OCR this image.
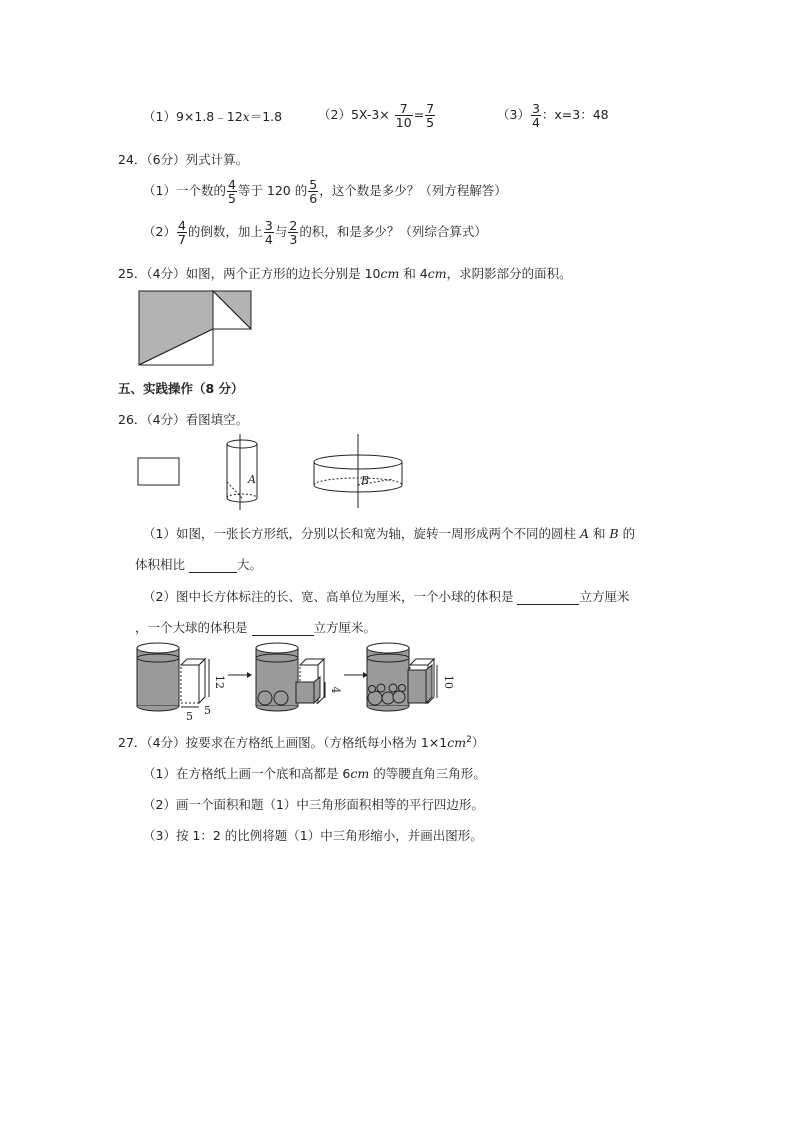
（1）9×1.8﹣12x＝1.8	$(2)5X-3\times \frac{7}{10} = \frac{7}{5}$	$(3) \frac{3}{4}$ ：x=3：48
24．（6分）列式计算。
（1）一个数的 $\frac{4}{5}$ 等于 120 的 $\frac{5}{6}$ ，这个数是多少？（列方程解答）
$(2) \frac{4}{7}$ 的倒数，加上 $\frac{3}{4}$ 与 $\frac{2}{3}$ 的积，和是多少？（列综合算式）
25．（4分）如图，两个正方形的边长分别是 10cm 和 4cm，求阴影部分的面积。
五、实践操作（8 分）
26．（4分）看图填空。
A	B
（1）如图，一张长方形纸，分别以长和宽为轴，旋转一周形成两个不同的圆柱 A 和 B 的
体积相比	大。
（2）图中长方体标注的长、宽、高单位为厘米，一个小球的体积是	立方厘米
，一个大球的体积是	立方厘米。
12
5 5
4
10
27．（4分）按要求在方格纸上画图。（方格纸每小格为 $1\times 1cm^2$）
（1）在方格纸上画一个底和高都是 6cm 的等腰直角三角形。
（2）画一个面积和题（1）中三角形面积相等的平行四边形。
（3）按 1：2 的比例将题（1）中三角形缩小，并画出图形。
